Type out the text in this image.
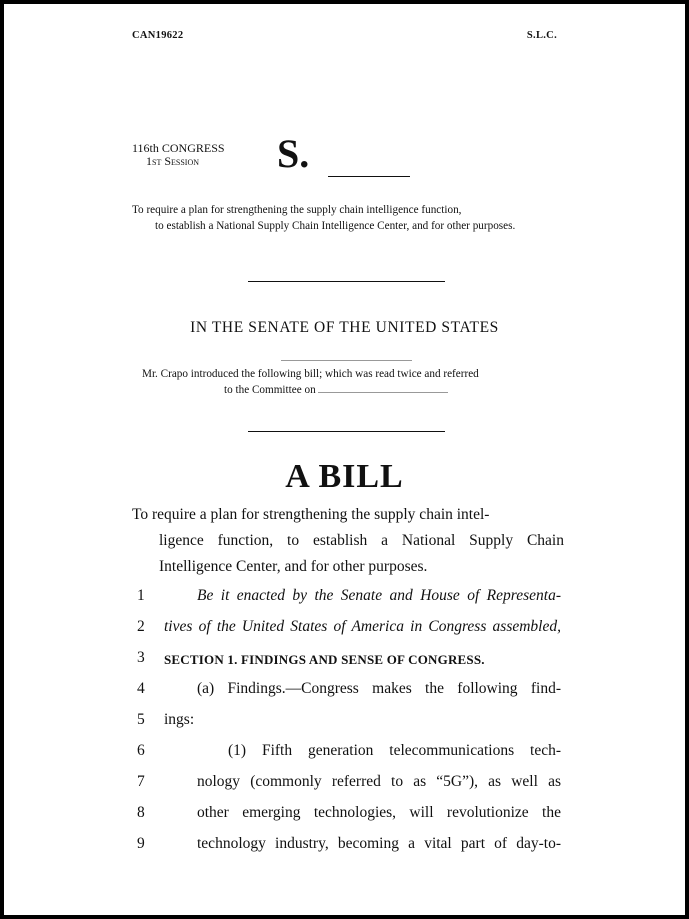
CAN19622	S.L.C.
116th CONGRESS
1st Session	S.
To require a plan for strengthening the supply chain intelligence function,
to establish a National Supply Chain Intelligence Center, and for other purposes.
IN THE SENATE OF THE UNITED STATES
Mr. Crapo introduced the following bill; which was read twice and referred
to the Committee on
A BILL
To require a plan for strengthening the supply chain intel-
ligence function, to establish a National Supply Chain
Intelligence Center, and for other purposes.
1	Be it enacted by the Senate and House of Representa-
2	tives of the United States of America in Congress assembled,
3	SECTION 1. FINDINGS AND SENSE OF CONGRESS.
4	(a) Findings.—Congress makes the following find-
5	ings:
6	(1) Fifth generation telecommunications tech-
7	nology (commonly referred to as “5G”), as well as
8	other emerging technologies, will revolutionize the
9	technology industry, becoming a vital part of day-to-
